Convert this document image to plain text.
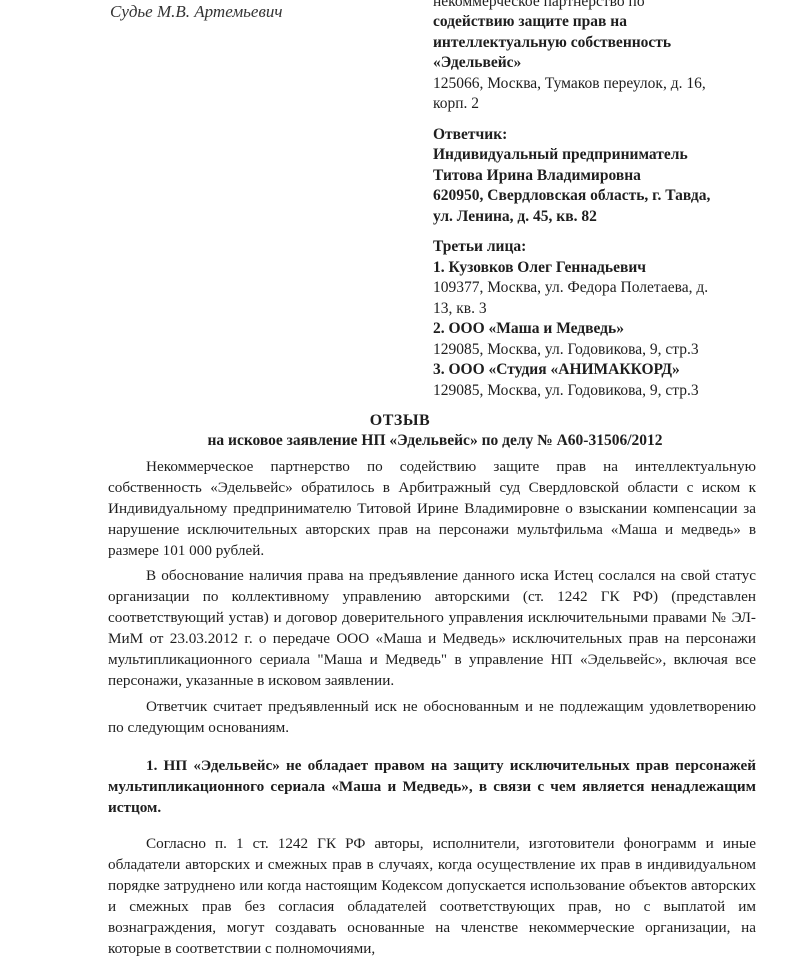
Судье М.В. Артемьевич
некоммерческое партнерство по
содействию защите прав на
интеллектуальную собственность
«Эдельвейс»
125066, Москва, Тумаков переулок, д. 16,
корп. 2
Ответчик:
Индивидуальный предприниматель
Титова Ирина Владимировна
620950, Свердловская область, г. Тавда,
ул. Ленина, д. 45, кв. 82
Третьи лица:
1. Кузовков Олег Геннадьевич
109377, Москва, ул. Федора Полетаева, д.
13, кв. 3
2. ООО «Маша и Медведь»
129085, Москва, ул. Годовикова, 9, стр.3
3. ООО «Студия «АНИМАККОРД»
129085, Москва, ул. Годовикова, 9, стр.3
ОТЗЫВ
на исковое заявление НП «Эдельвейс» по делу № А60-31506/2012

Некоммерческое партнерство по содействию защите прав на интеллектуальную собственность «Эдельвейс» обратилось в Арбитражный суд Свердловской области с иском к Индивидуальному предпринимателю Титовой Ирине Владимировне о взыскании компенсации за нарушение исключительных авторских прав на персонажи мультфильма «Маша и медведь» в размере 101 000 рублей.

В обоснование наличия права на предъявление данного иска Истец сослался на свой статус организации по коллективному управлению авторскими (ст. 1242 ГК РФ) (представлен соответствующий устав) и договор доверительного управления исключительными правами № ЭЛ-МиМ от 23.03.2012 г. о передаче ООО «Маша и Медведь» исключительных прав на персонажи мультипликационного сериала "Маша и Медведь" в управление НП «Эдельвейс», включая все персонажи, указанные в исковом заявлении.

Ответчик считает предъявленный иск не обоснованным и не подлежащим удовлетворению по следующим основаниям.

1. НП «Эдельвейс» не обладает правом на защиту исключительных прав персонажей мультипликационного сериала «Маша и Медведь», в связи с чем является ненадлежащим истцом.

Согласно п. 1 ст. 1242 ГК РФ авторы, исполнители, изготовители фонограмм и иные обладатели авторских и смежных прав в случаях, когда осуществление их прав в индивидуальном порядке затруднено или когда настоящим Кодексом допускается использование объектов авторских и смежных прав без согласия обладателей соответствующих прав, но с выплатой им вознаграждения, могут создавать основанные на членстве некоммерческие организации, на которые в соответствии с полномочиями,
